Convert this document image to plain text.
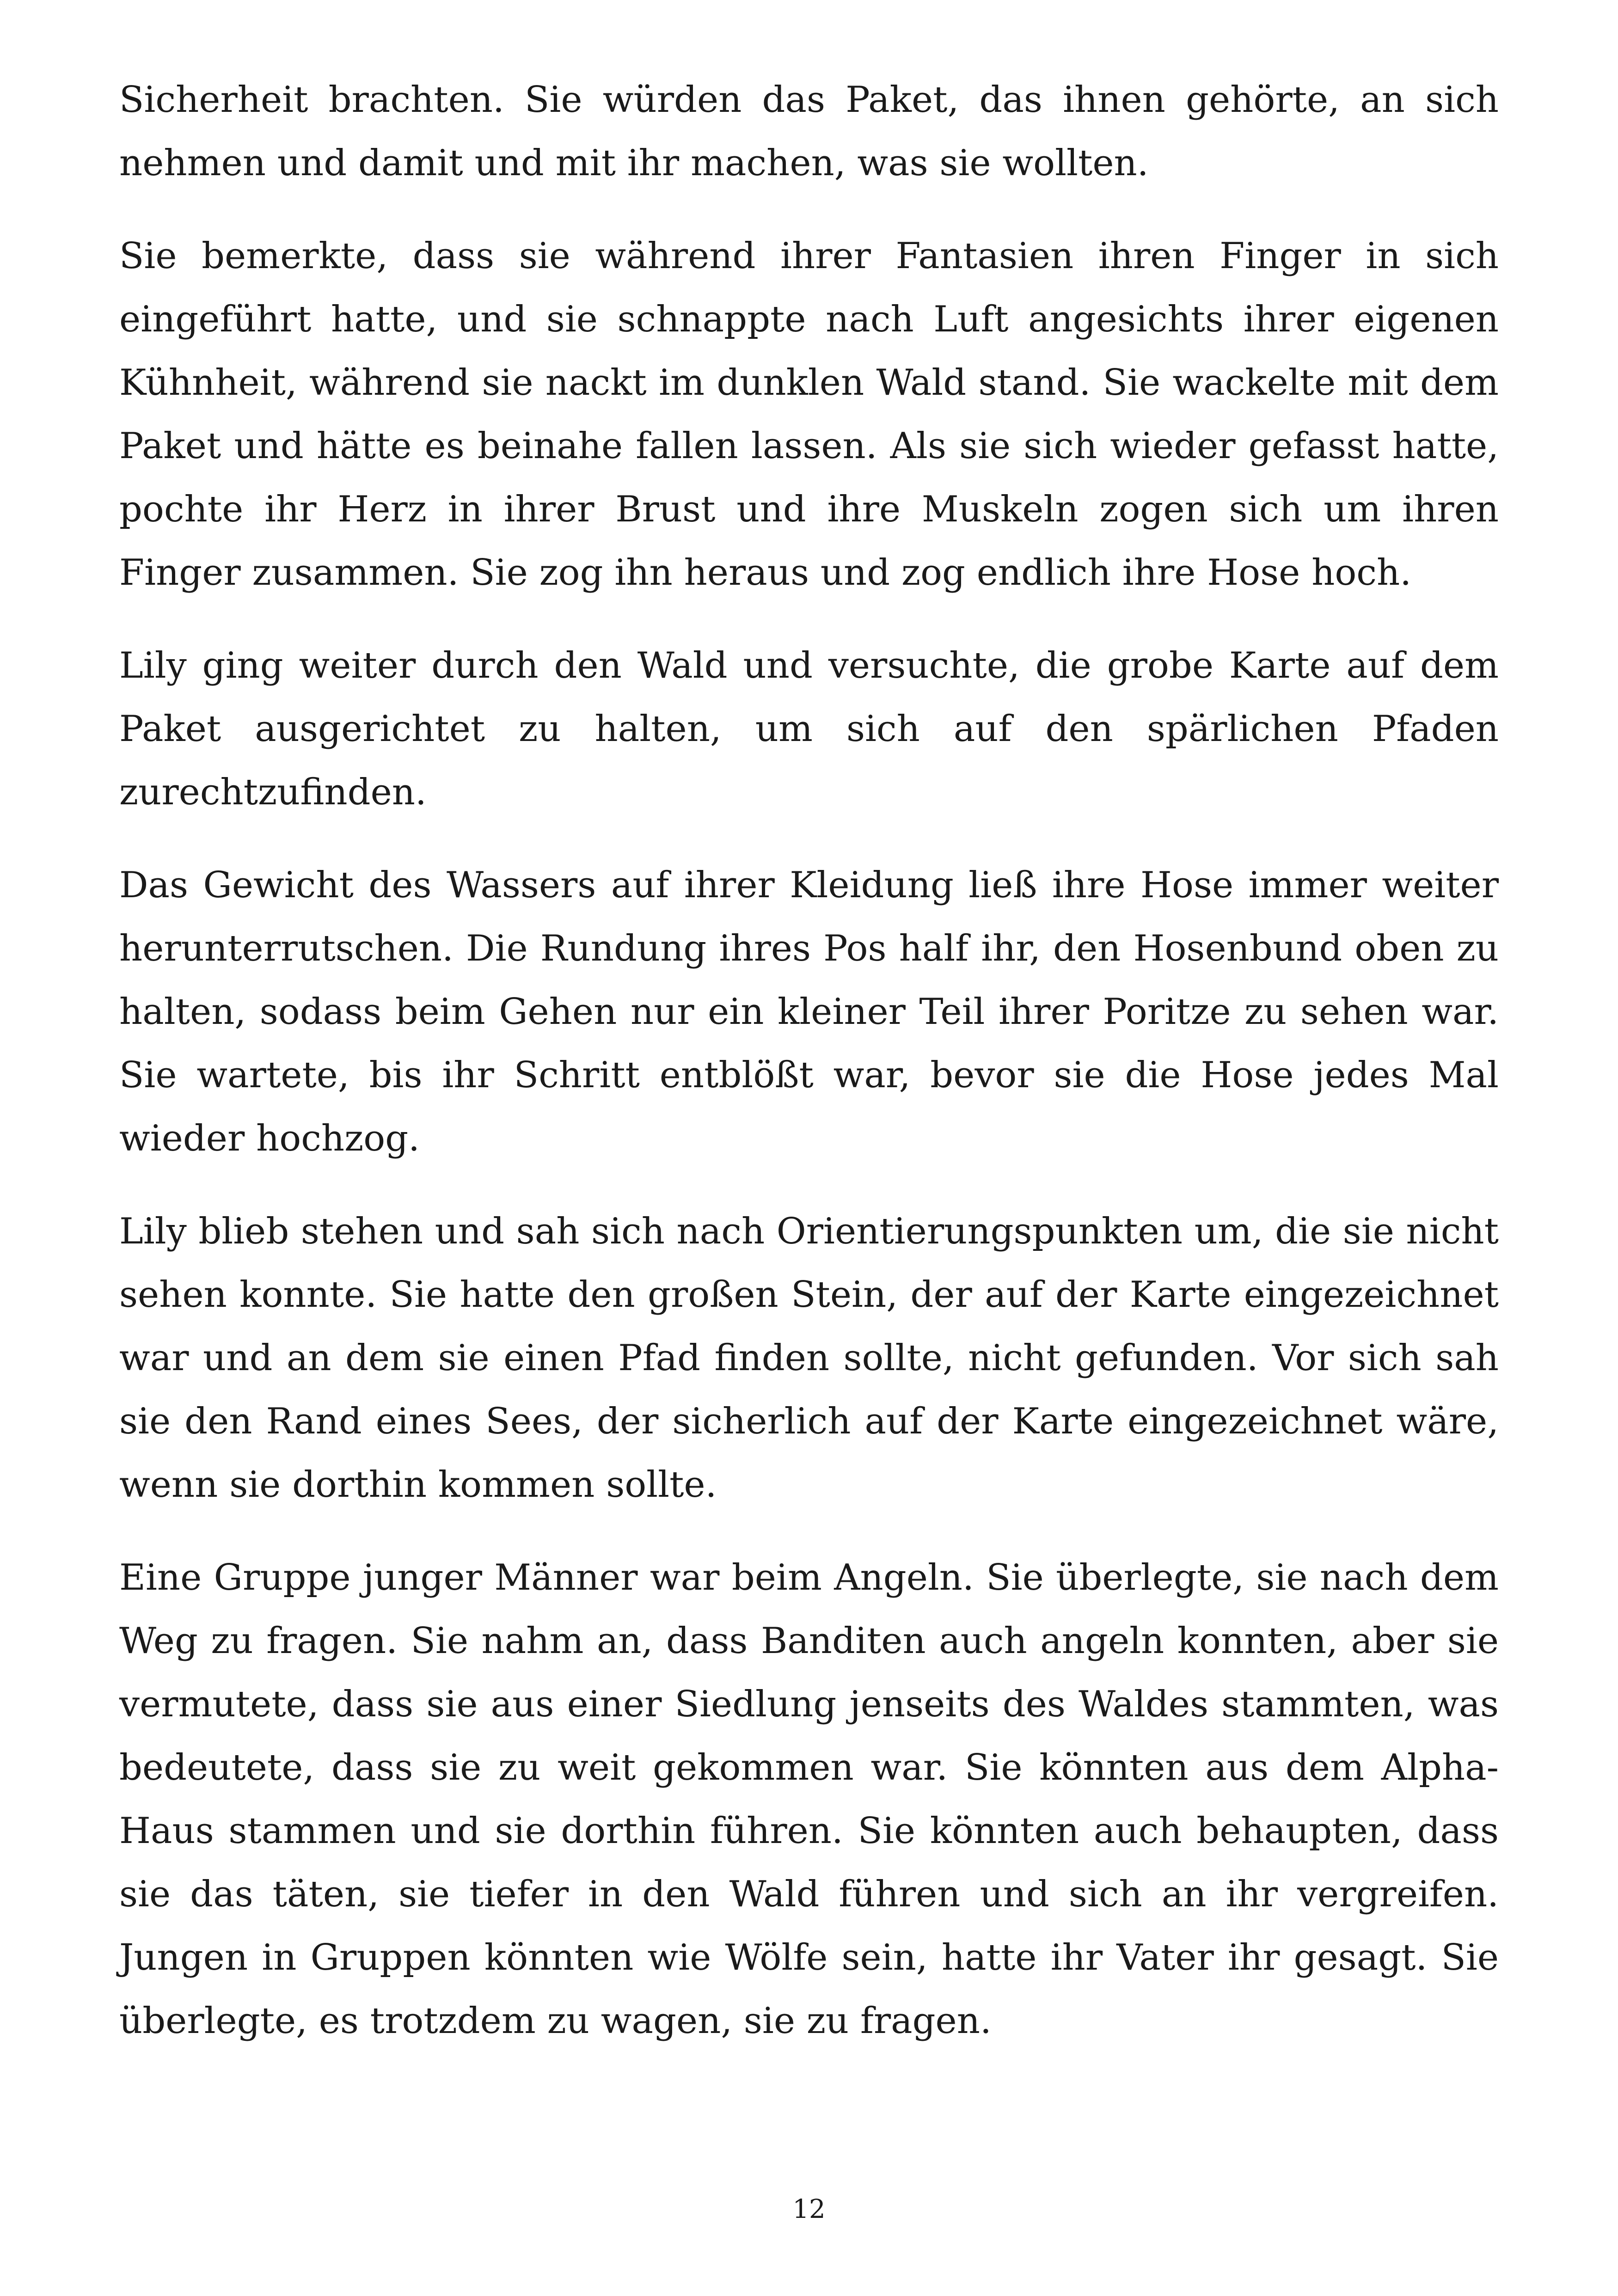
Sicherheit brachten. Sie würden das Paket, das ihnen gehörte, an sich nehmen und damit und mit ihr machen, was sie wollten.

Sie bemerkte, dass sie während ihrer Fantasien ihren Finger in sich eingeführt hatte, und sie schnappte nach Luft angesichts ihrer eigenen Kühnheit, während sie nackt im dunklen Wald stand. Sie wackelte mit dem Paket und hätte es beinahe fallen lassen. Als sie sich wieder gefasst hatte, pochte ihr Herz in ihrer Brust und ihre Muskeln zogen sich um ihren Finger zusammen. Sie zog ihn heraus und zog endlich ihre Hose hoch.

Lily ging weiter durch den Wald und versuchte, die grobe Karte auf dem Paket ausgerichtet zu halten, um sich auf den spärlichen Pfaden zurechtzufinden.

Das Gewicht des Wassers auf ihrer Kleidung ließ ihre Hose immer weiter herunterrutschen. Die Rundung ihres Pos half ihr, den Hosenbund oben zu halten, sodass beim Gehen nur ein kleiner Teil ihrer Poritze zu sehen war. Sie wartete, bis ihr Schritt entblößt war, bevor sie die Hose jedes Mal wieder hochzog.

Lily blieb stehen und sah sich nach Orientierungspunkten um, die sie nicht sehen konnte. Sie hatte den großen Stein, der auf der Karte eingezeichnet war und an dem sie einen Pfad finden sollte, nicht gefunden. Vor sich sah sie den Rand eines Sees, der sicherlich auf der Karte eingezeichnet wäre, wenn sie dorthin kommen sollte.

Eine Gruppe junger Männer war beim Angeln. Sie überlegte, sie nach dem Weg zu fragen. Sie nahm an, dass Banditen auch angeln konnten, aber sie vermutete, dass sie aus einer Siedlung jenseits des Waldes stammten, was bedeutete, dass sie zu weit gekommen war. Sie könnten aus dem Alpha-Haus stammen und sie dorthin führen. Sie könnten auch behaupten, dass sie das täten, sie tiefer in den Wald führen und sich an ihr vergreifen. Jungen in Gruppen könnten wie Wölfe sein, hatte ihr Vater ihr gesagt. Sie überlegte, es trotzdem zu wagen, sie zu fragen.

12
